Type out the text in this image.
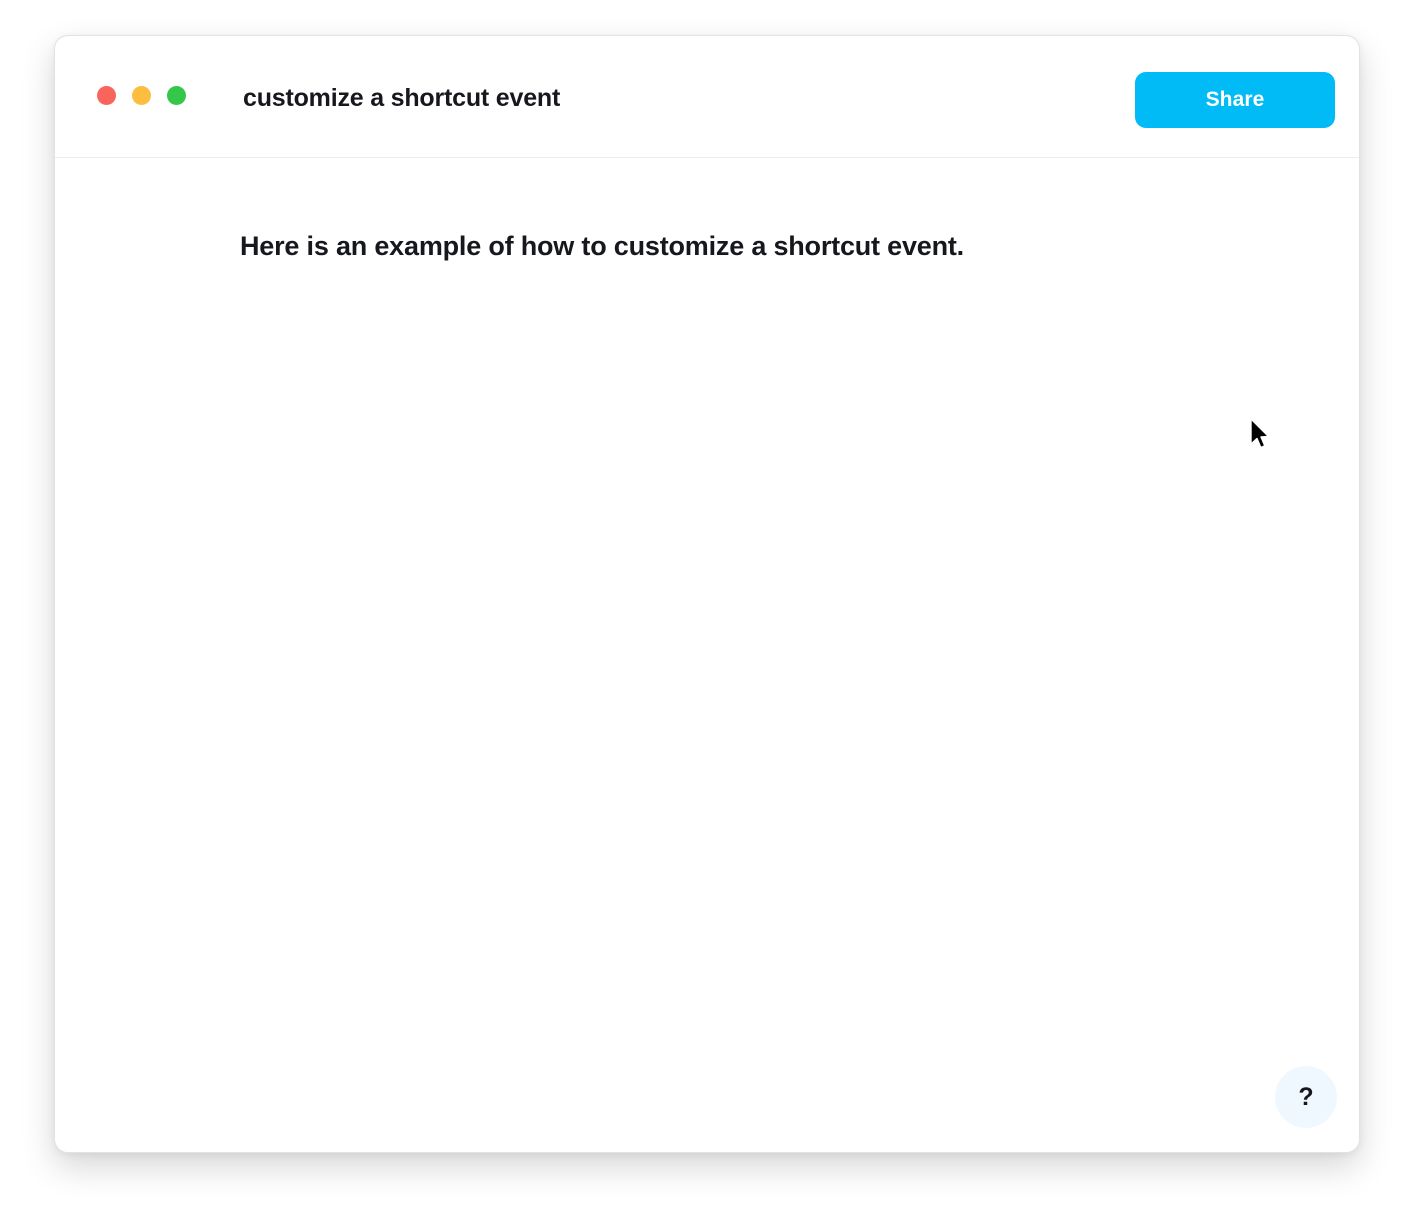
customize a shortcut event	Share
Here is an example of how to customize a shortcut event.
?
